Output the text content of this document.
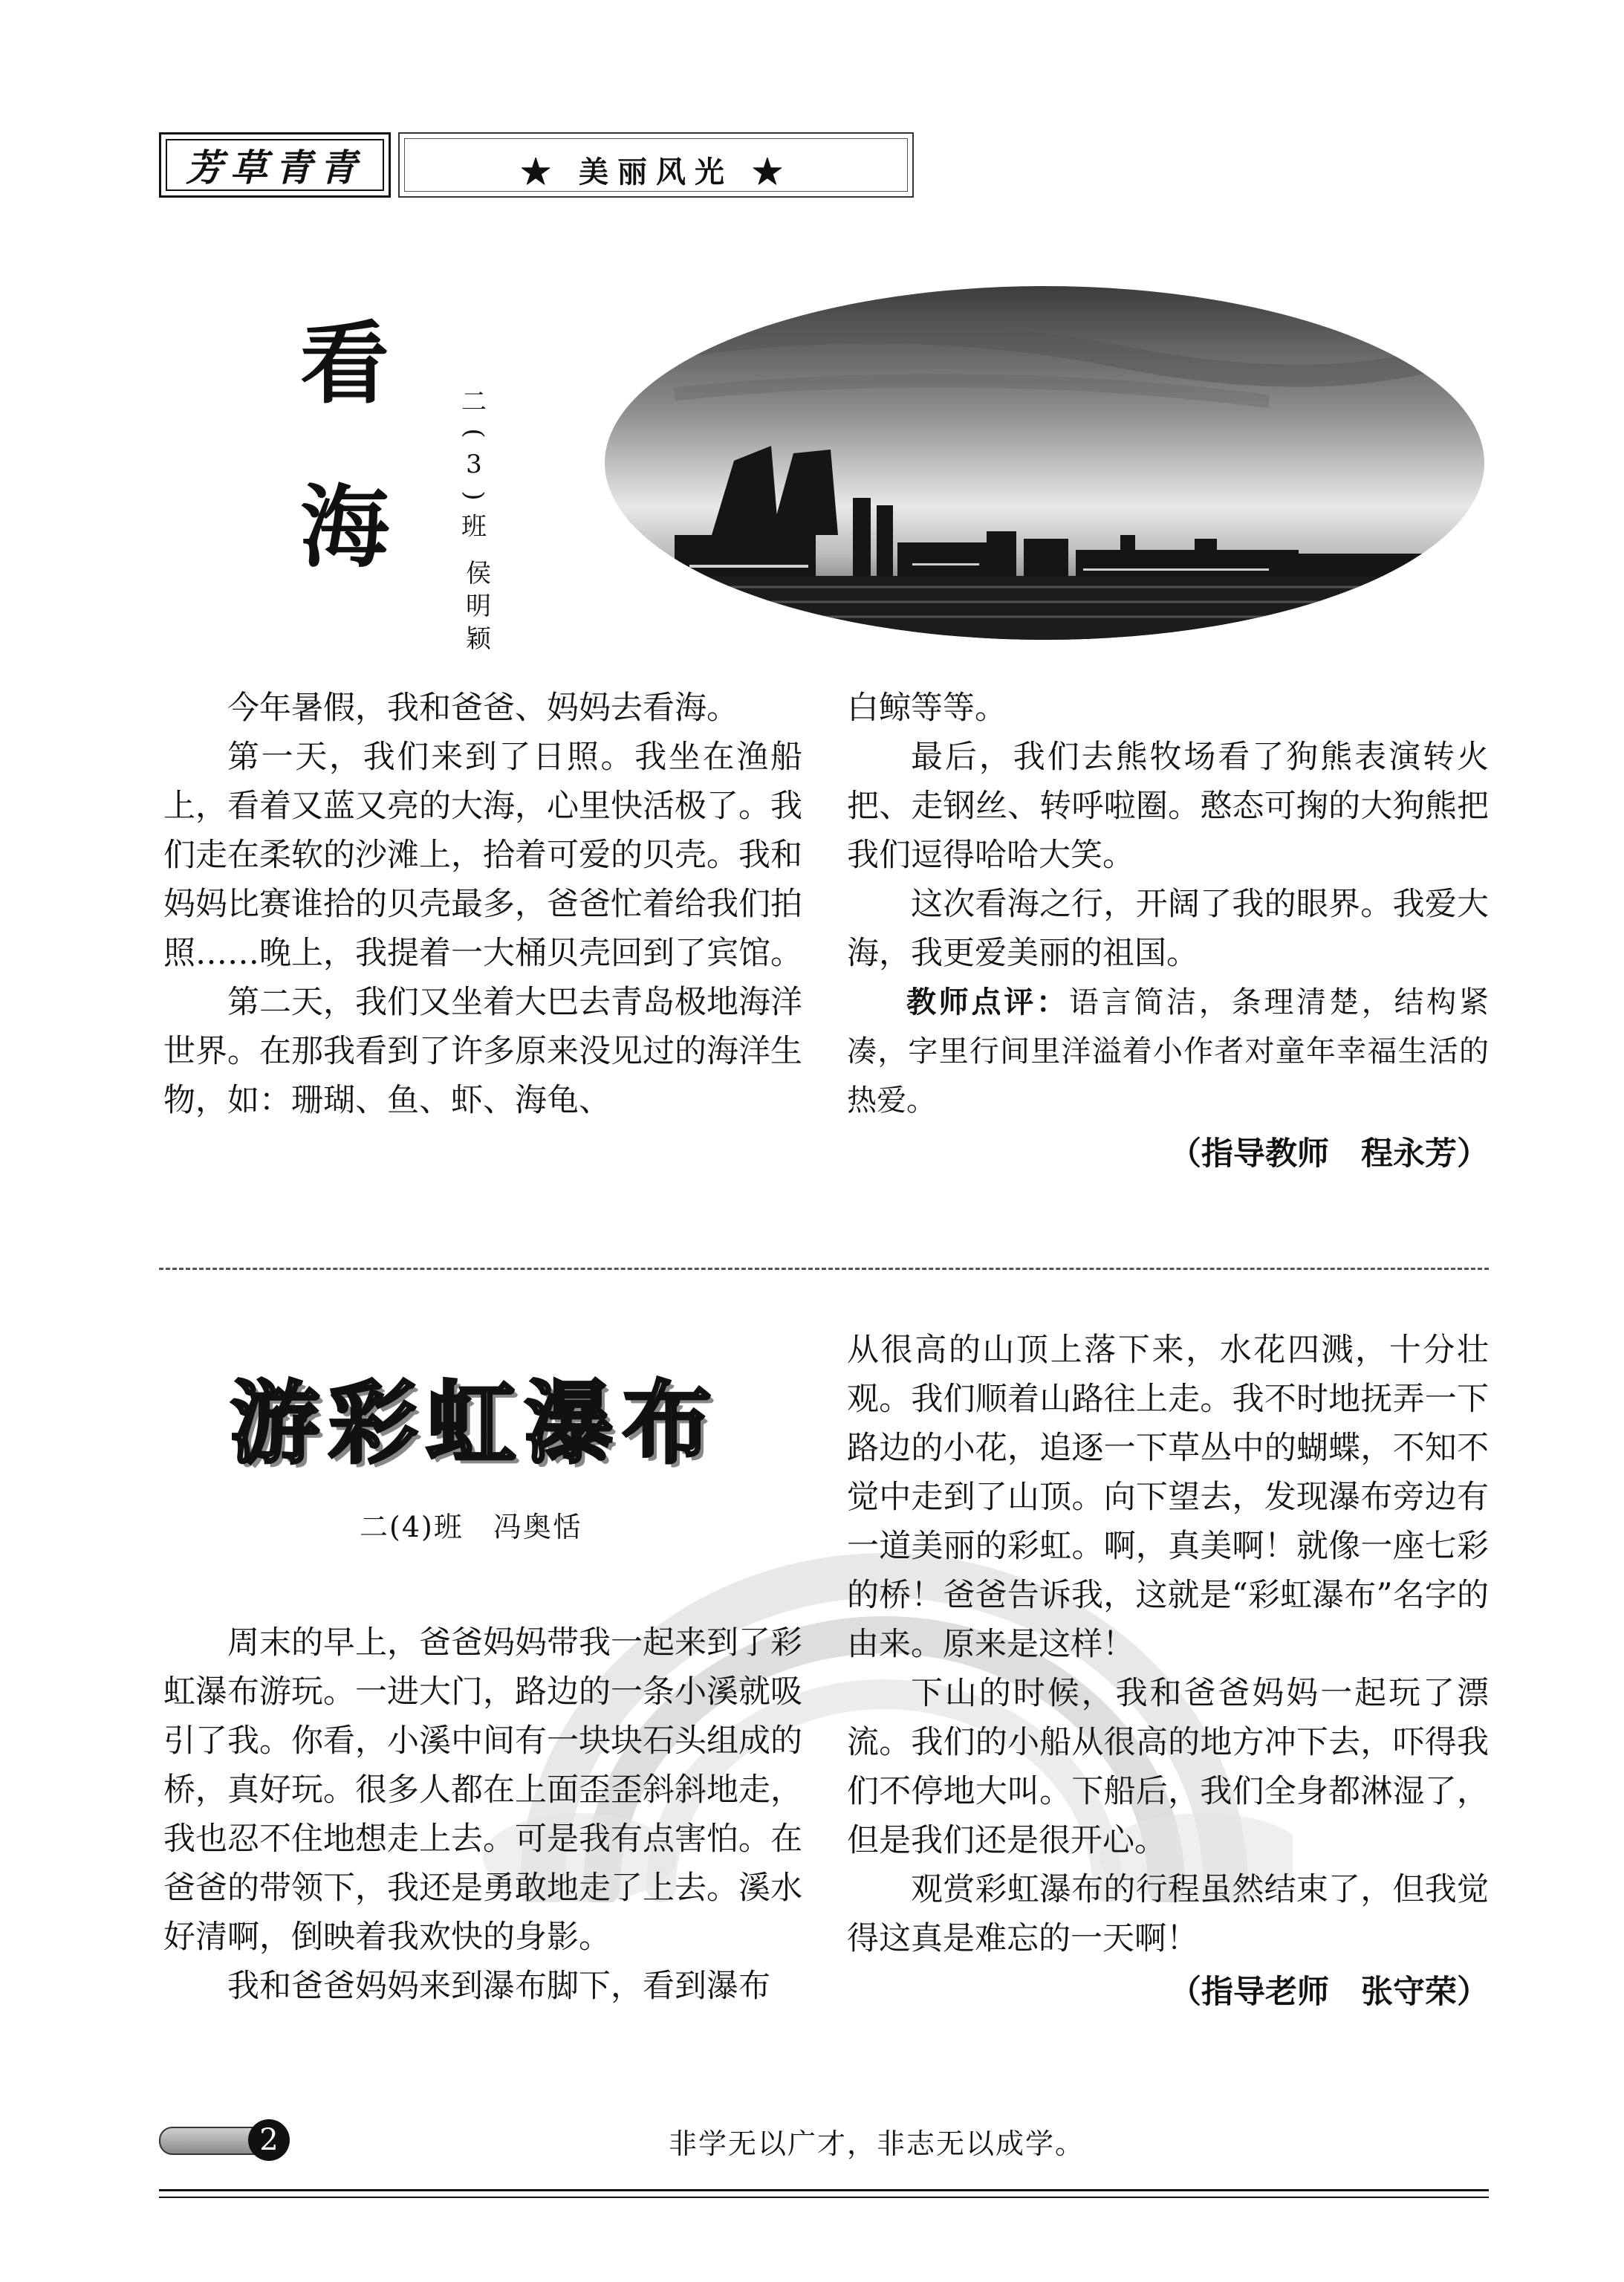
芳草青青	★ 美丽风光 ★
看
海
二
(
3
)
班
侯
明
颖

今年暑假，我和爸爸、妈妈去看海。

第一天，我们来到了日照。我坐在渔船上，看着又蓝又亮的大海，心里快活极了。我们走在柔软的沙滩上，拾着可爱的贝壳。我和妈妈比赛谁拾的贝壳最多，爸爸忙着给我们拍照……晚上，我提着一大桶贝壳回到了宾馆。

第二天，我们又坐着大巴去青岛极地海洋世界。在那我看到了许多原来没见过的海洋生物，如：珊瑚、鱼、虾、海龟、

白鲸等等。

最后，我们去熊牧场看了狗熊表演转火把、走钢丝、转呼啦圈。憨态可掬的大狗熊把我们逗得哈哈大笑。

这次看海之行，开阔了我的眼界。我爱大海，我更爱美丽的祖国。

教师点评：语言简洁，条理清楚，结构紧凑，字里行间里洋溢着小作者对童年幸福生活的热爱。

（指导教师　程永芳）

游彩虹瀑布
二(4)班　冯奥恬

周末的早上，爸爸妈妈带我一起来到了彩虹瀑布游玩。一进大门，路边的一条小溪就吸引了我。你看，小溪中间有一块块石头组成的桥，真好玩。很多人都在上面歪歪斜斜地走，我也忍不住地想走上去。可是我有点害怕。在爸爸的带领下，我还是勇敢地走了上去。溪水好清啊，倒映着我欢快的身影。

我和爸爸妈妈来到瀑布脚下，看到瀑布

从很高的山顶上落下来，水花四溅，十分壮观。我们顺着山路往上走。我不时地抚弄一下路边的小花，追逐一下草丛中的蝴蝶，不知不觉中走到了山顶。向下望去，发现瀑布旁边有一道美丽的彩虹。啊，真美啊！就像一座七彩的桥！爸爸告诉我，这就是“彩虹瀑布”名字的由来。原来是这样！

下山的时候，我和爸爸妈妈一起玩了漂流。我们的小船从很高的地方冲下去，吓得我们不停地大叫。下船后，我们全身都淋湿了，但是我们还是很开心。

观赏彩虹瀑布的行程虽然结束了，但我觉得这真是难忘的一天啊！

（指导老师　张守荣）

2	非学无以广才，非志无以成学。
